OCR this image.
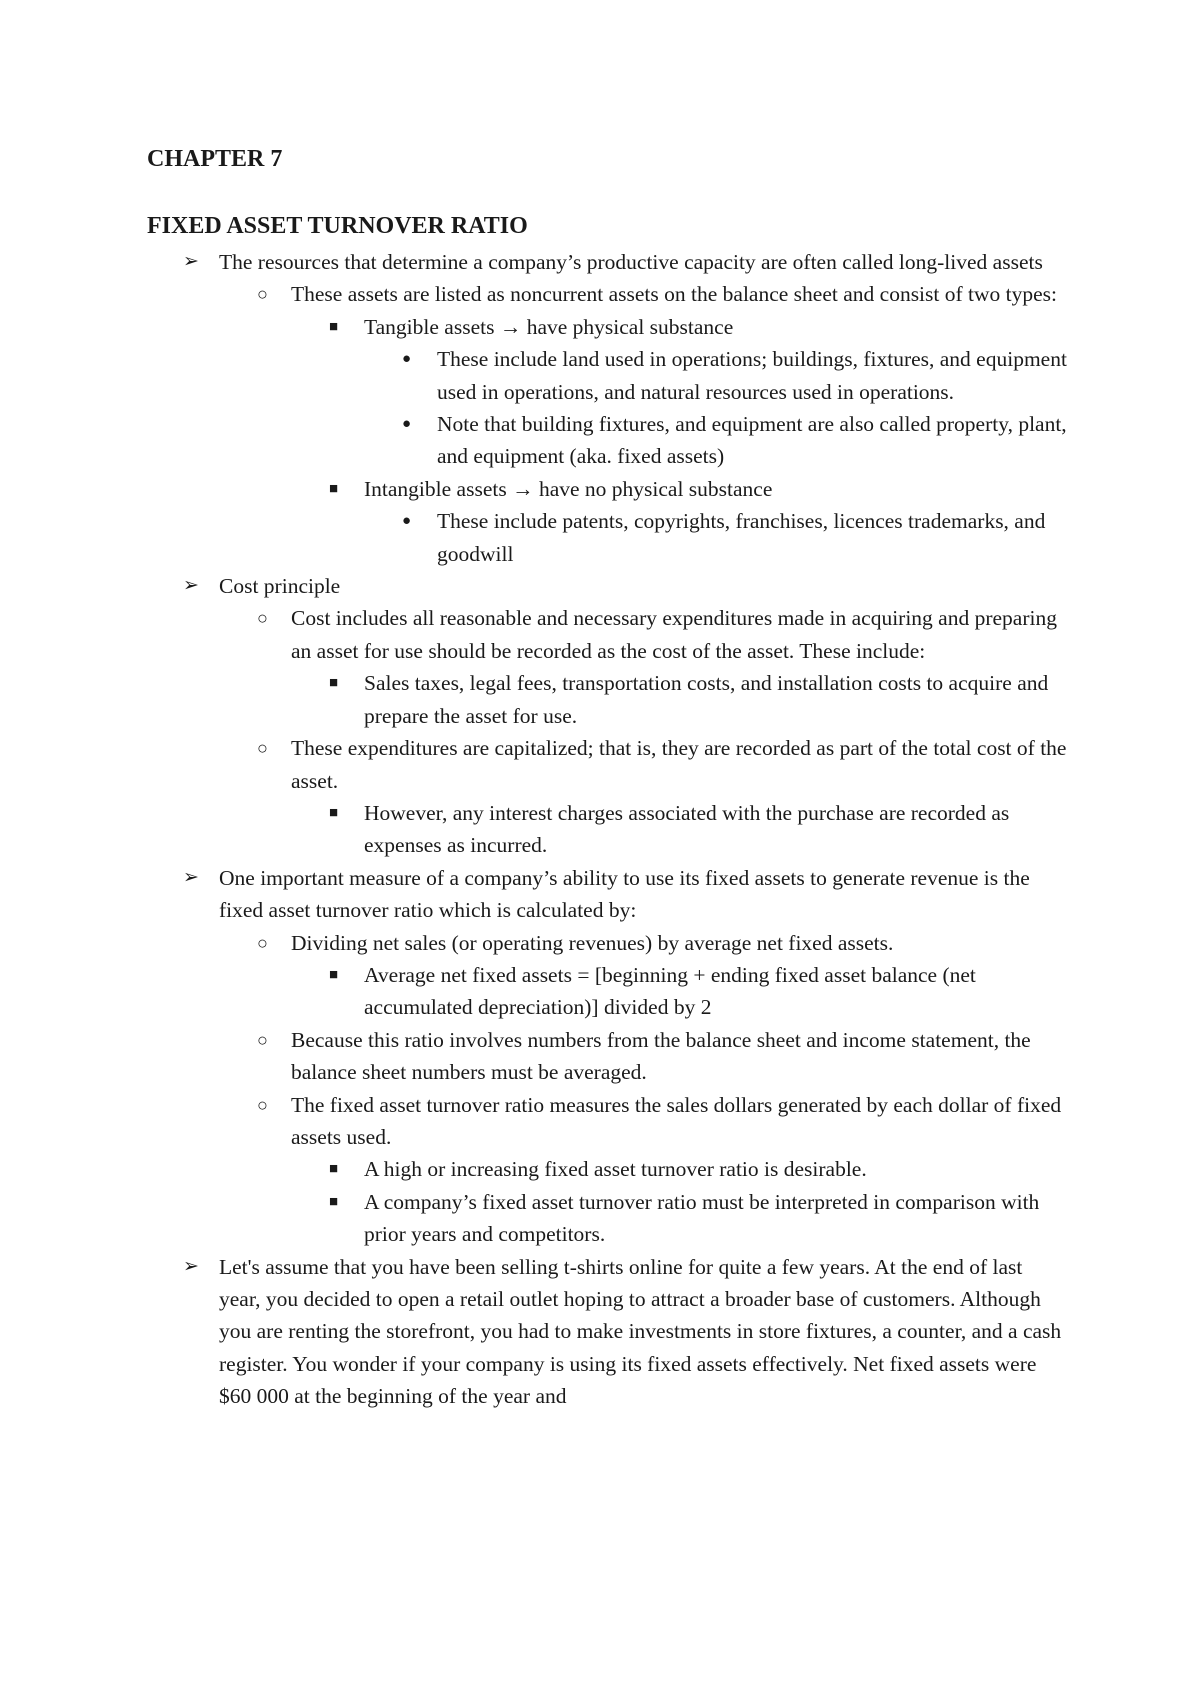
CHAPTER 7
FIXED ASSET TURNOVER RATIO
➢ The resources that determine a company’s productive capacity are often called long-lived assets
○ These assets are listed as noncurrent assets on the balance sheet and consist of two types:
■ Tangible assets → have physical substance
● These include land used in operations; buildings, fixtures, and equipment used in operations, and natural resources used in operations.
● Note that building fixtures, and equipment are also called property, plant, and equipment (aka. fixed assets)
■ Intangible assets → have no physical substance
● These include patents, copyrights, franchises, licences trademarks, and goodwill
➢ Cost principle
○ Cost includes all reasonable and necessary expenditures made in acquiring and preparing an asset for use should be recorded as the cost of the asset. These include:
■ Sales taxes, legal fees, transportation costs, and installation costs to acquire and prepare the asset for use.
○ These expenditures are capitalized; that is, they are recorded as part of the total cost of the asset.
■ However, any interest charges associated with the purchase are recorded as expenses as incurred.
➢ One important measure of a company’s ability to use its fixed assets to generate revenue is the fixed asset turnover ratio which is calculated by:
○ Dividing net sales (or operating revenues) by average net fixed assets.
■ Average net fixed assets = [beginning + ending fixed asset balance (net accumulated depreciation)] divided by 2
○ Because this ratio involves numbers from the balance sheet and income statement, the balance sheet numbers must be averaged.
○ The fixed asset turnover ratio measures the sales dollars generated by each dollar of fixed assets used.
■ A high or increasing fixed asset turnover ratio is desirable.
■ A company’s fixed asset turnover ratio must be interpreted in comparison with prior years and competitors.
➢ Let's assume that you have been selling t-shirts online for quite a few years. At the end of last year, you decided to open a retail outlet hoping to attract a broader base of customers. Although you are renting the storefront, you had to make investments in store fixtures, a counter, and a cash register. You wonder if your company is using its fixed assets effectively. Net fixed assets were $60 000 at the beginning of the year and
